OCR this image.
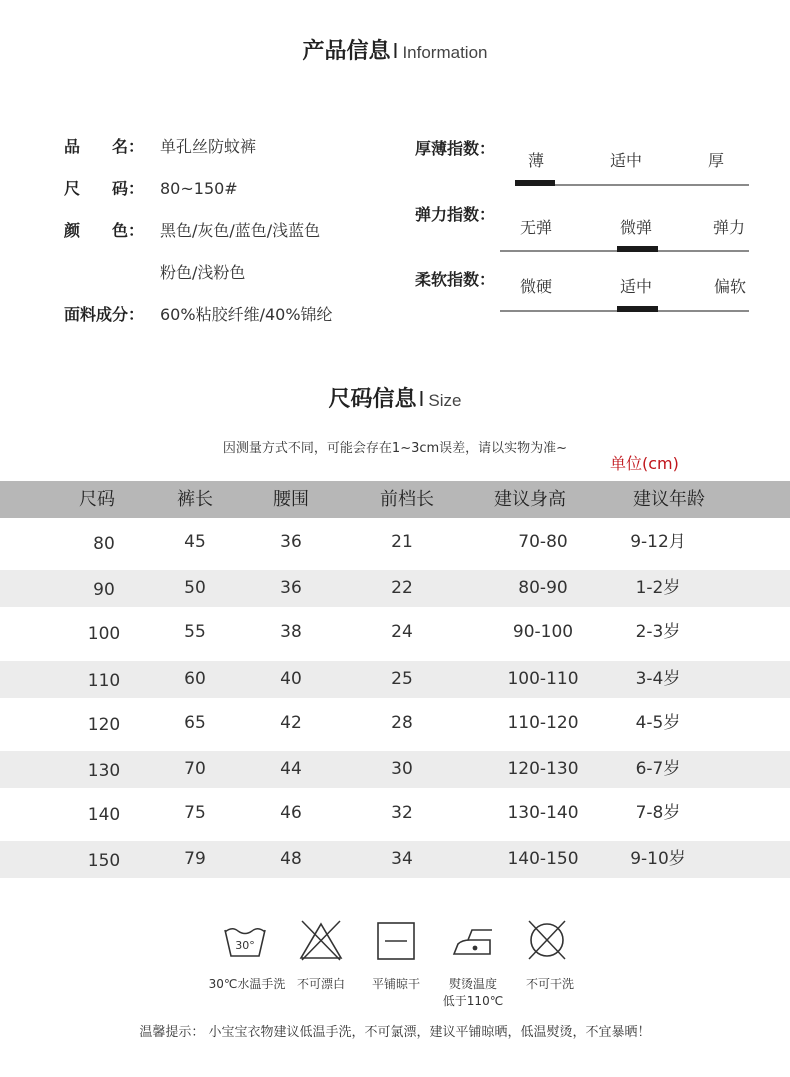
产品信息 I Information
品　　名： 单孔丝防蚊裤
尺　　码： 80~150#
颜　　色： 黑色/灰色/蓝色/浅蓝色
粉色/浅粉色
面料成分： 60%粘胶纤维/40%锦纶
厚薄指数：
薄	适中	厚
弹力指数：
无弹	微弹	弹力
柔软指数：	微硬	适中	偏软
尺码信息 I Size
因测量方式不同，可能会存在1~3cm误差，请以实物为准~
单位(cm)
尺码	裤长	腰围	前档长	建议身高	建议年龄
80	45	36	21	70-80	9-12月
90	50	36	22	80-90	1-2岁
100	55	38	24	90-100	2-3岁
110	60	40	25	100-110	3-4岁
120	65	42	28	110-120	4-5岁
130	70	44	30	120-130	6-7岁
140	75	46	32	130-140	7-8岁
150	79	48	34	140-150	9-10岁
30°
30℃水温手洗 不可漂白	平铺晾干	熨烫温度
低于110℃
不可干洗
温馨提示： 小宝宝衣物建议低温手洗，不可氯漂，建议平铺晾晒，低温熨烫，不宜暴晒！
